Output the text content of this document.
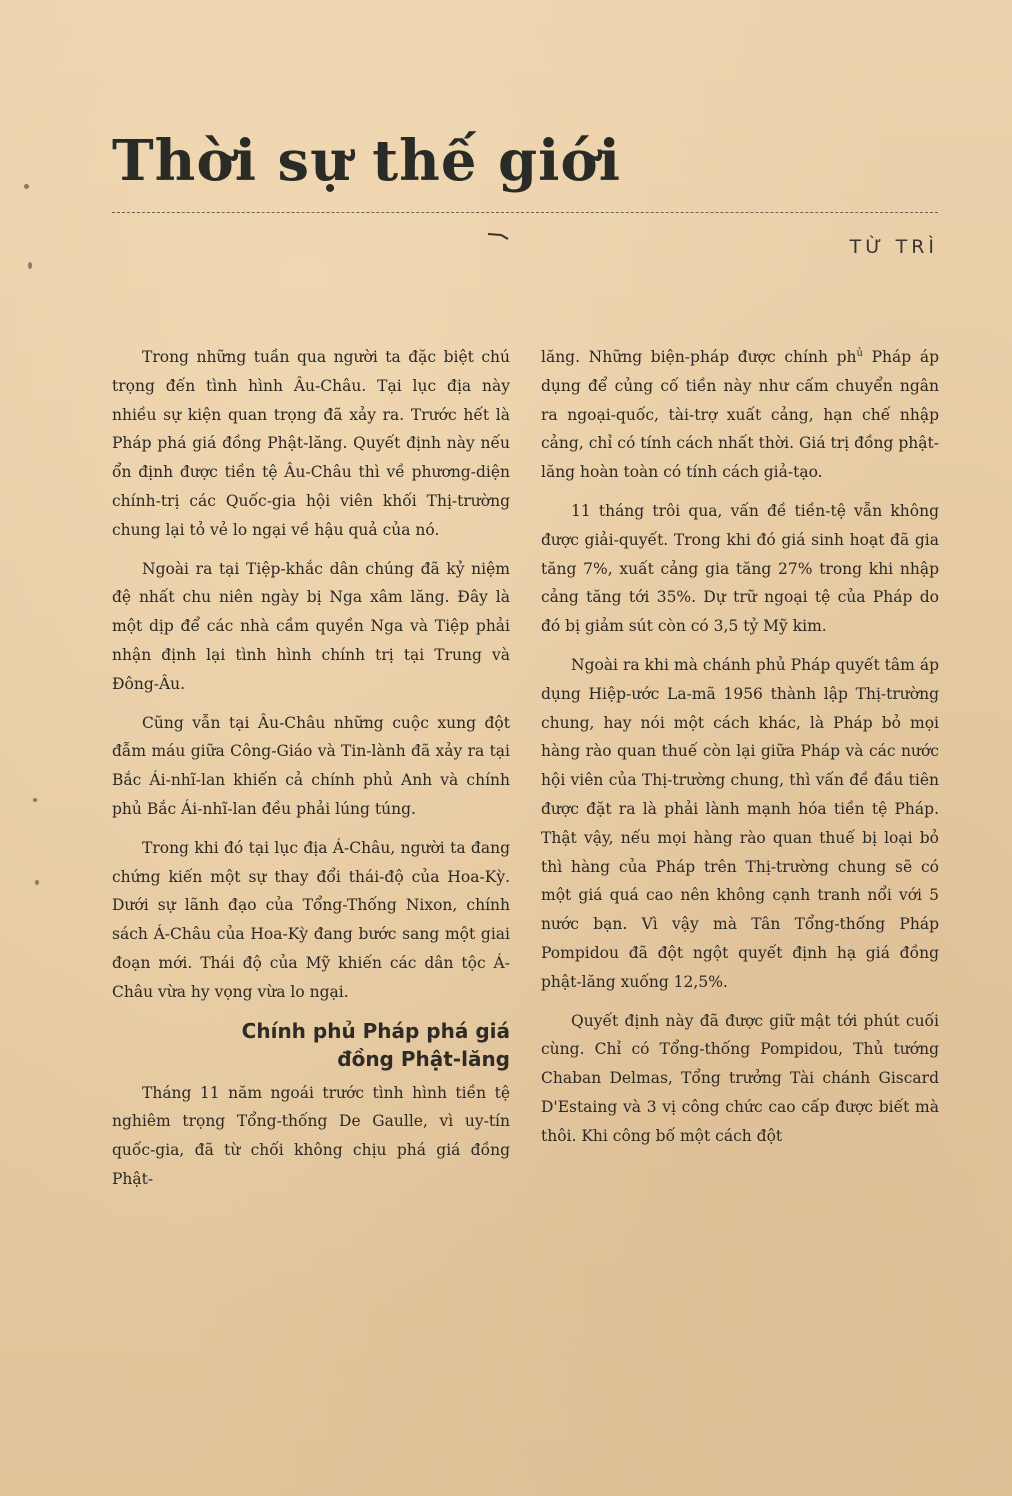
Thời sự thế giới
TỪ TRÌ

Trong những tuần qua người ta đặc biệt chú trọng đến tình hình Âu-Châu. Tại lục địa này nhiều sự kiện quan trọng đã xảy ra. Trước hết là Pháp phá giá đồng Phật-lăng. Quyết định này nếu ổn định được tiền tệ Âu-Châu thì về phương-diện chính-trị các Quốc-gia hội viên khối Thị-trường chung lại tỏ vẻ lo ngại về hậu quả của nó.

Ngoài ra tại Tiệp-khắc dân chúng đã kỷ niệm đệ nhất chu niên ngày bị Nga xâm lăng. Đây là một dịp để các nhà cầm quyền Nga và Tiệp phải nhận định lại tình hình chính trị tại Trung và Đông-Âu.

Cũng vẫn tại Âu-Châu những cuộc xung đột đẫm máu giữa Công-Giáo và Tin-lành đã xảy ra tại Bắc Ái-nhĩ-lan khiến cả chính phủ Anh và chính phủ Bắc Ái-nhĩ-lan đều phải lúng túng.

Trong khi đó tại lục địa Á-Châu, người ta đang chứng kiến một sự thay đổi thái-độ của Hoa-Kỳ. Dưới sự lãnh đạo của Tổng-Thống Nixon, chính sách Á-Châu của Hoa-Kỳ đang bước sang một giai đoạn mới. Thái độ của Mỹ khiến các dân tộc Á-Châu vừa hy vọng vừa lo ngại.

Chính phủ Pháp phá giá
đồng Phật-lăng

Tháng 11 năm ngoái trước tình hình tiền tệ nghiêm trọng Tổng-thống De Gaulle, vì uy-tín quốc-gia, đã từ chối không chịu phá giá đồng Phật-

lăng. Những biện-pháp được chính $ph^ủ$ Pháp áp dụng để củng cố tiền này như cấm chuyển ngân ra ngoại-quốc, tài-trợ xuất cảng, hạn chế nhập cảng, chỉ có tính cách nhất thời. Giá trị đồng phật-lăng hoàn toàn có tính cách giả-tạo.

11 tháng trôi qua, vấn đề tiền-tệ vẫn không được giải-quyết. Trong khi đó giá sinh hoạt đã gia tăng 7%, xuất cảng gia tăng 27% trong khi nhập cảng tăng tới 35%. Dự trữ ngoại tệ của Pháp do đó bị giảm sút còn có 3,5 tỷ Mỹ kim.

Ngoài ra khi mà chánh phủ Pháp quyết tâm áp dụng Hiệp-ước La-mã 1956 thành lập Thị-trường chung, hay nói một cách khác, là Pháp bỏ mọi hàng rào quan thuế còn lại giữa Pháp và các nước hội viên của Thị-trường chung, thì vấn đề đầu tiên được đặt ra là phải lành mạnh hóa tiền tệ Pháp. Thật vậy, nếu mọi hàng rào quan thuế bị loại bỏ thì hàng của Pháp trên Thị-trường chung sẽ có một giá quá cao nên không cạnh tranh nổi với 5 nước bạn. Vì vậy mà Tân Tổng-thống Pháp Pompidou đã đột ngột quyết định hạ giá đồng phật-lăng xuống 12,5%.

Quyết định này đã được giữ mật tới phút cuối cùng. Chỉ có Tổng-thống Pompidou, Thủ tướng Chaban Delmas, Tổng trưởng Tài chánh Giscard D'Estaing và 3 vị công chức cao cấp được biết mà thôi. Khi công bố một cách đột
